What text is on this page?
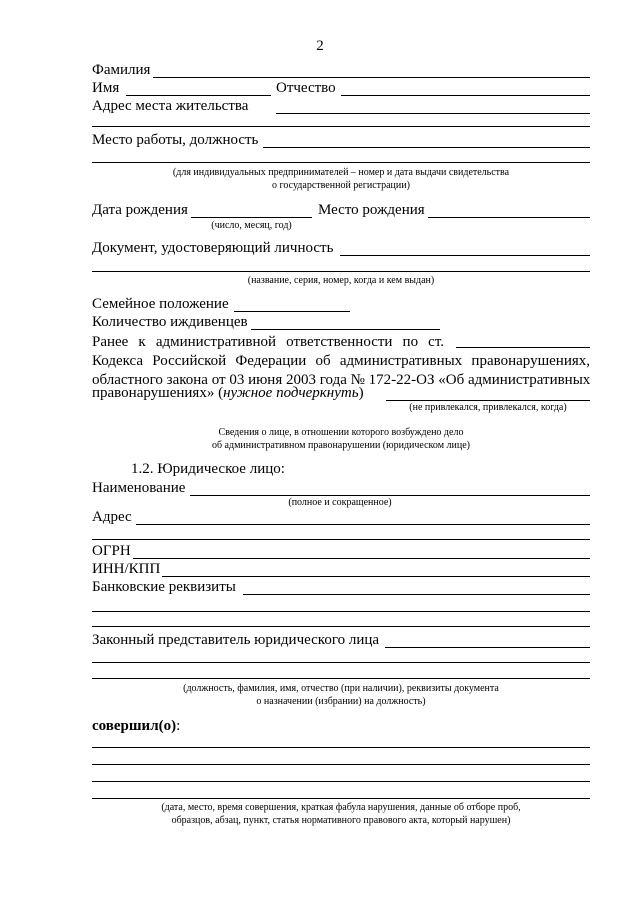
2
Фамилия
Имя	Отчество
Адрес места жительства
Место работы, должность
(для индивидуальных предпринимателей – номер и дата выдачи свидетельства
о государственной регистрации)
Дата рождения	Место рождения
(число, месяц, год)
Документ, удостоверяющий личность
(название, серия, номер, когда и кем выдан)
Семейное положение
Количество иждивенцев
Ранее к административной ответственности по ст.
Кодекса Российской Федерации об административных правонарушениях,
областного закона от 03 июня 2003 года № 172-22-ОЗ «Об административных
правонарушениях» (нужное подчеркнуть)
(не привлекался, привлекался, когда)
Сведения о лице, в отношении которого возбуждено дело
об административном правонарушении (юридическом лице)
1.2. Юридическое лицо:
Наименование
(полное и сокращенное)
Адрес
ОГРН
ИНН/КПП
Банковские реквизиты
Законный представитель юридического лица
(должность, фамилия, имя, отчество (при наличии), реквизиты документа
о назначении (избрании) на должность)
совершил(о):
(дата, место, время совершения, краткая фабула нарушения, данные об отборе проб,
образцов, абзац, пункт, статья нормативного правового акта, который нарушен)
